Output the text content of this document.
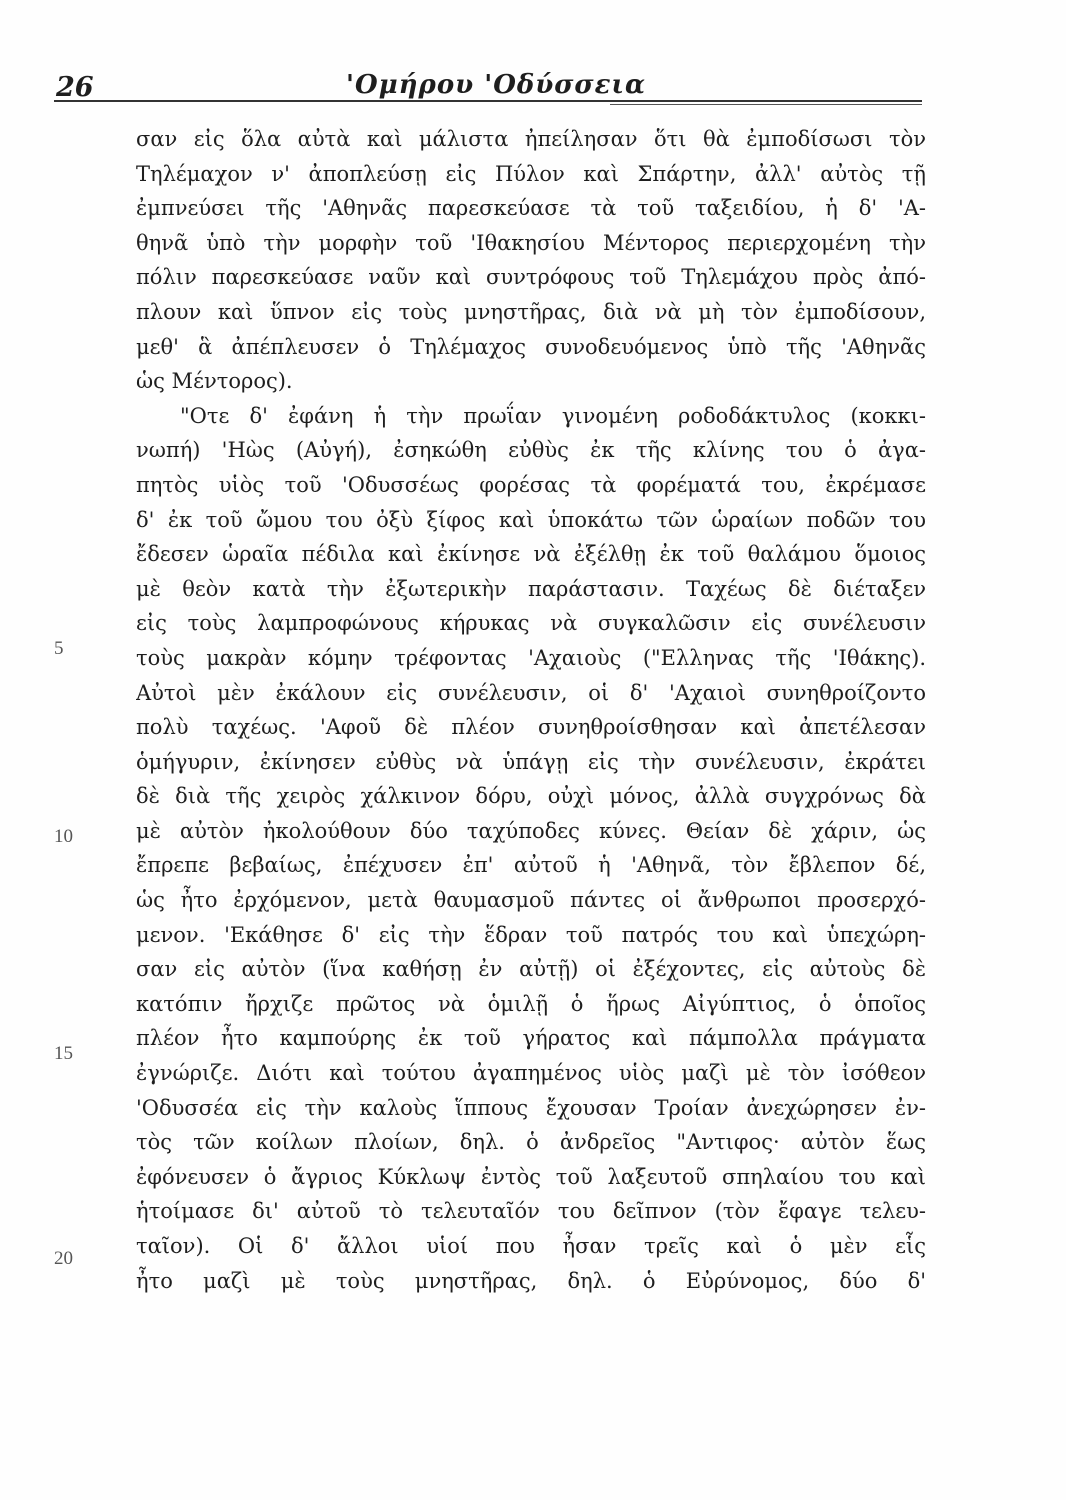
26	'Ομήρου 'Οδύσσεια
5
10
15
20
σαν εἰς ὅλα αὐτὰ καὶ μάλιστα ἠπείλησαν ὅτι θὰ ἐμποδίσωσι τὸν
Τηλέμαχον ν' ἀποπλεύσῃ εἰς Πύλον καὶ Σπάρτην, ἀλλ' αὐτὸς τῇ
ἐμπνεύσει τῆς 'Αθηνᾶς παρεσκεύασε τὰ τοῦ ταξειδίου, ἡ δ' 'Α-
θηνᾶ ὑπὸ τὴν μορφὴν τοῦ 'Ιθακησίου Μέντορος περιερχομένη τὴν
πόλιν παρεσκεύασε ναῦν καὶ συντρόφους τοῦ Τηλεμάχου πρὸς ἀπό-
πλουν καὶ ὕπνον εἰς τοὺς μνηστῆρας, διὰ νὰ μὴ τὸν ἐμποδίσουν,
μεθ' ἃ ἀπέπλευσεν ὁ Τηλέμαχος συνοδευόμενος ὑπὸ τῆς 'Αθηνᾶς
ὡς Μέντορος).
"Οτε δ' ἐφάνη ἡ τὴν πρωΐαν γινομένη ροδοδάκτυλος (κοκκι-
νωπή) 'Ηὼς (Αὐγή), ἐσηκώθη εὐθὺς ἐκ τῆς κλίνης του ὁ ἀγα-
πητὸς υἱὸς τοῦ 'Οδυσσέως φορέσας τὰ φορέματά του, ἐκρέμασε
δ' ἐκ τοῦ ὤμου του ὀξὺ ξίφος καὶ ὑποκάτω τῶν ὡραίων ποδῶν του
ἔδεσεν ὡραῖα πέδιλα καὶ ἐκίνησε νὰ ἐξέλθῃ ἐκ τοῦ θαλάμου ὅμοιος
μὲ θεὸν κατὰ τὴν ἐξωτερικὴν παράστασιν. Ταχέως δὲ διέταξεν
εἰς τοὺς λαμπροφώνους κήρυκας νὰ συγκαλῶσιν εἰς συνέλευσιν
τοὺς μακρὰν κόμην τρέφοντας 'Αχαιοὺς ("Ελληνας τῆς 'Ιθάκης).
Αὐτοὶ μὲν ἐκάλουν εἰς συνέλευσιν, οἱ δ' 'Αχαιοὶ συνηθροίζοντο
πολὺ ταχέως. 'Αφοῦ δὲ πλέον συνηθροίσθησαν καὶ ἀπετέλεσαν
ὁμήγυριν, ἐκίνησεν εὐθὺς νὰ ὑπάγῃ εἰς τὴν συνέλευσιν, ἐκράτει
δὲ διὰ τῆς χειρὸς χάλκινον δόρυ, οὐχὶ μόνος, ἀλλὰ συγχρόνως δὰ
μὲ αὐτὸν ἠκολούθουν δύο ταχύποδες κύνες. Θείαν δὲ χάριν, ὡς
ἔπρεπε βεβαίως, ἐπέχυσεν ἐπ' αὐτοῦ ἡ 'Αθηνᾶ, τὸν ἔβλεπον δέ,
ὡς ἦτο ἐρχόμενον, μετὰ θαυμασμοῦ πάντες οἱ ἄνθρωποι προσερχό-
μενον. 'Εκάθησε δ' εἰς τὴν ἕδραν τοῦ πατρός του καὶ ὑπεχώρη-
σαν εἰς αὐτὸν (ἵνα καθήσῃ ἐν αὐτῇ) οἱ ἐξέχοντες, εἰς αὐτοὺς δὲ
κατόπιν ἤρχιζε πρῶτος νὰ ὁμιλῇ ὁ ἥρως Αἰγύπτιος, ὁ ὁποῖος
πλέον ἦτο καμπούρης ἐκ τοῦ γήρατος καὶ πάμπολλα πράγματα
ἐγνώριζε. Διότι καὶ τούτου ἀγαπημένος υἱὸς μαζὶ μὲ τὸν ἰσόθεον
'Οδυσσέα εἰς τὴν καλοὺς ἵππους ἔχουσαν Τροίαν ἀνεχώρησεν ἐν-
τὸς τῶν κοίλων πλοίων, δηλ. ὁ ἀνδρεῖος "Αντιφος· αὐτὸν ἕως
ἐφόνευσεν ὁ ἄγριος Κύκλωψ ἐντὸς τοῦ λαξευτοῦ σπηλαίου του καὶ
ἡτοίμασε δι' αὐτοῦ τὸ τελευταῖόν του δεῖπνον (τὸν ἔφαγε τελευ-
ταῖον). Οἱ δ' ἄλλοι υἱοί που ἦσαν τρεῖς καὶ ὁ μὲν εἷς
ἦτο μαζὶ μὲ τοὺς μνηστῆρας, δηλ. ὁ Εὐρύνομος, δύο δ'
